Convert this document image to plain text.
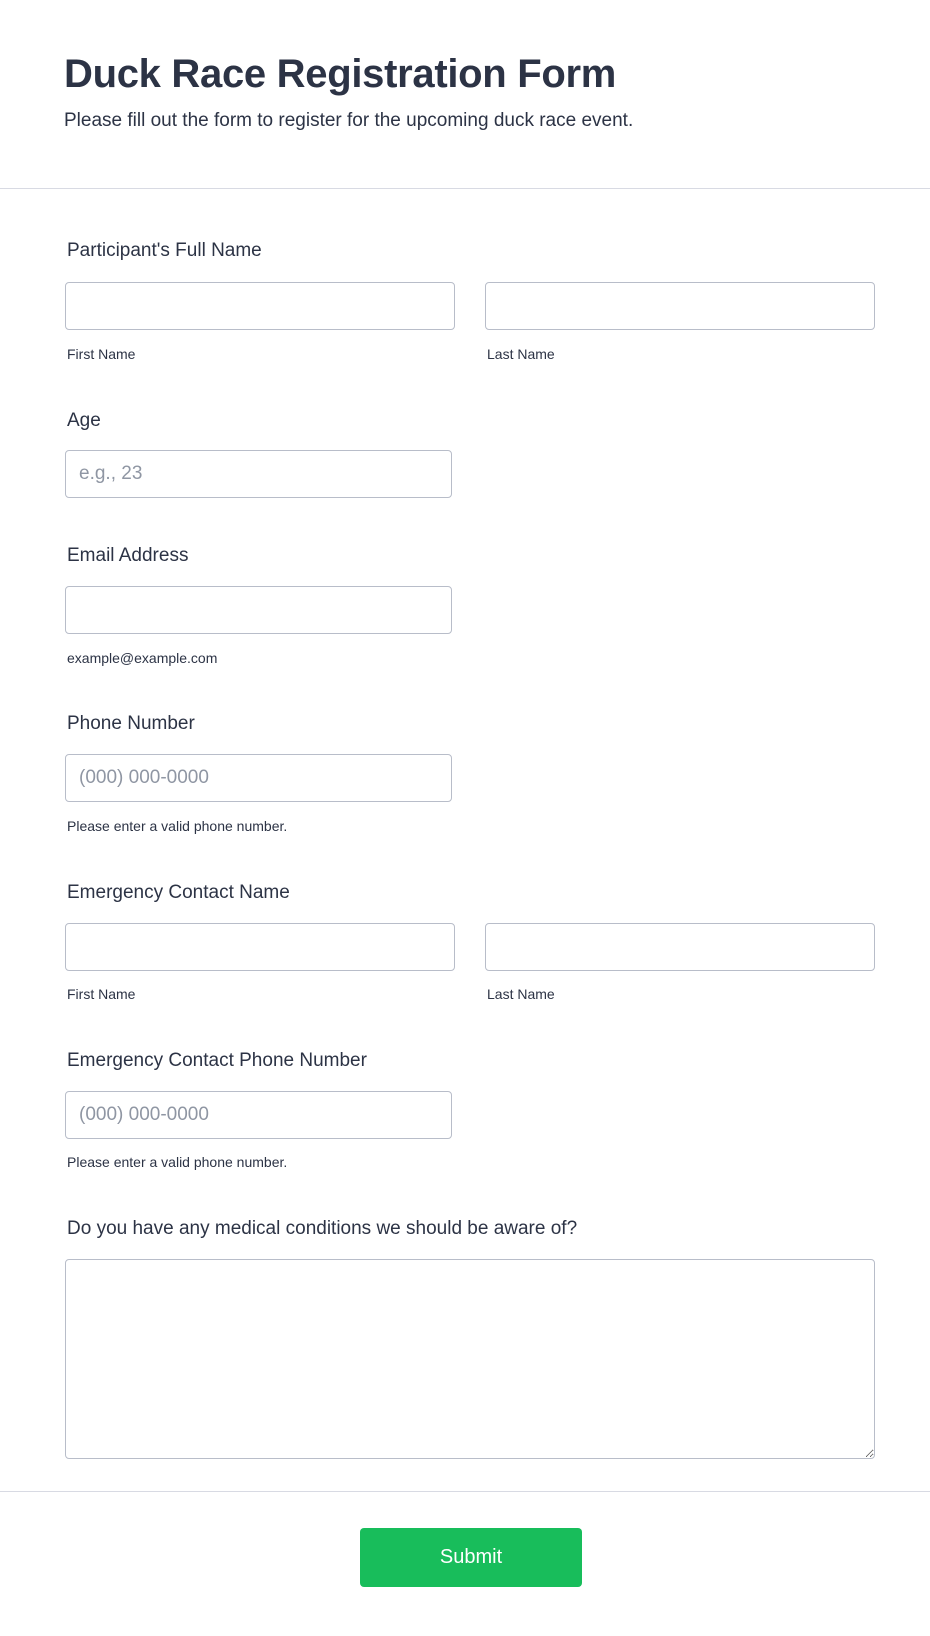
Duck Race Registration Form
Please fill out the form to register for the upcoming duck race event.
Participant's Full Name
First Name	Last Name
Age
e.g., 23
Email Address
example@example.com
Phone Number
(000) 000-0000
Please enter a valid phone number.
Emergency Contact Name
First Name	Last Name
Emergency Contact Phone Number
(000) 000-0000
Please enter a valid phone number.
Do you have any medical conditions we should be aware of?
Submit
